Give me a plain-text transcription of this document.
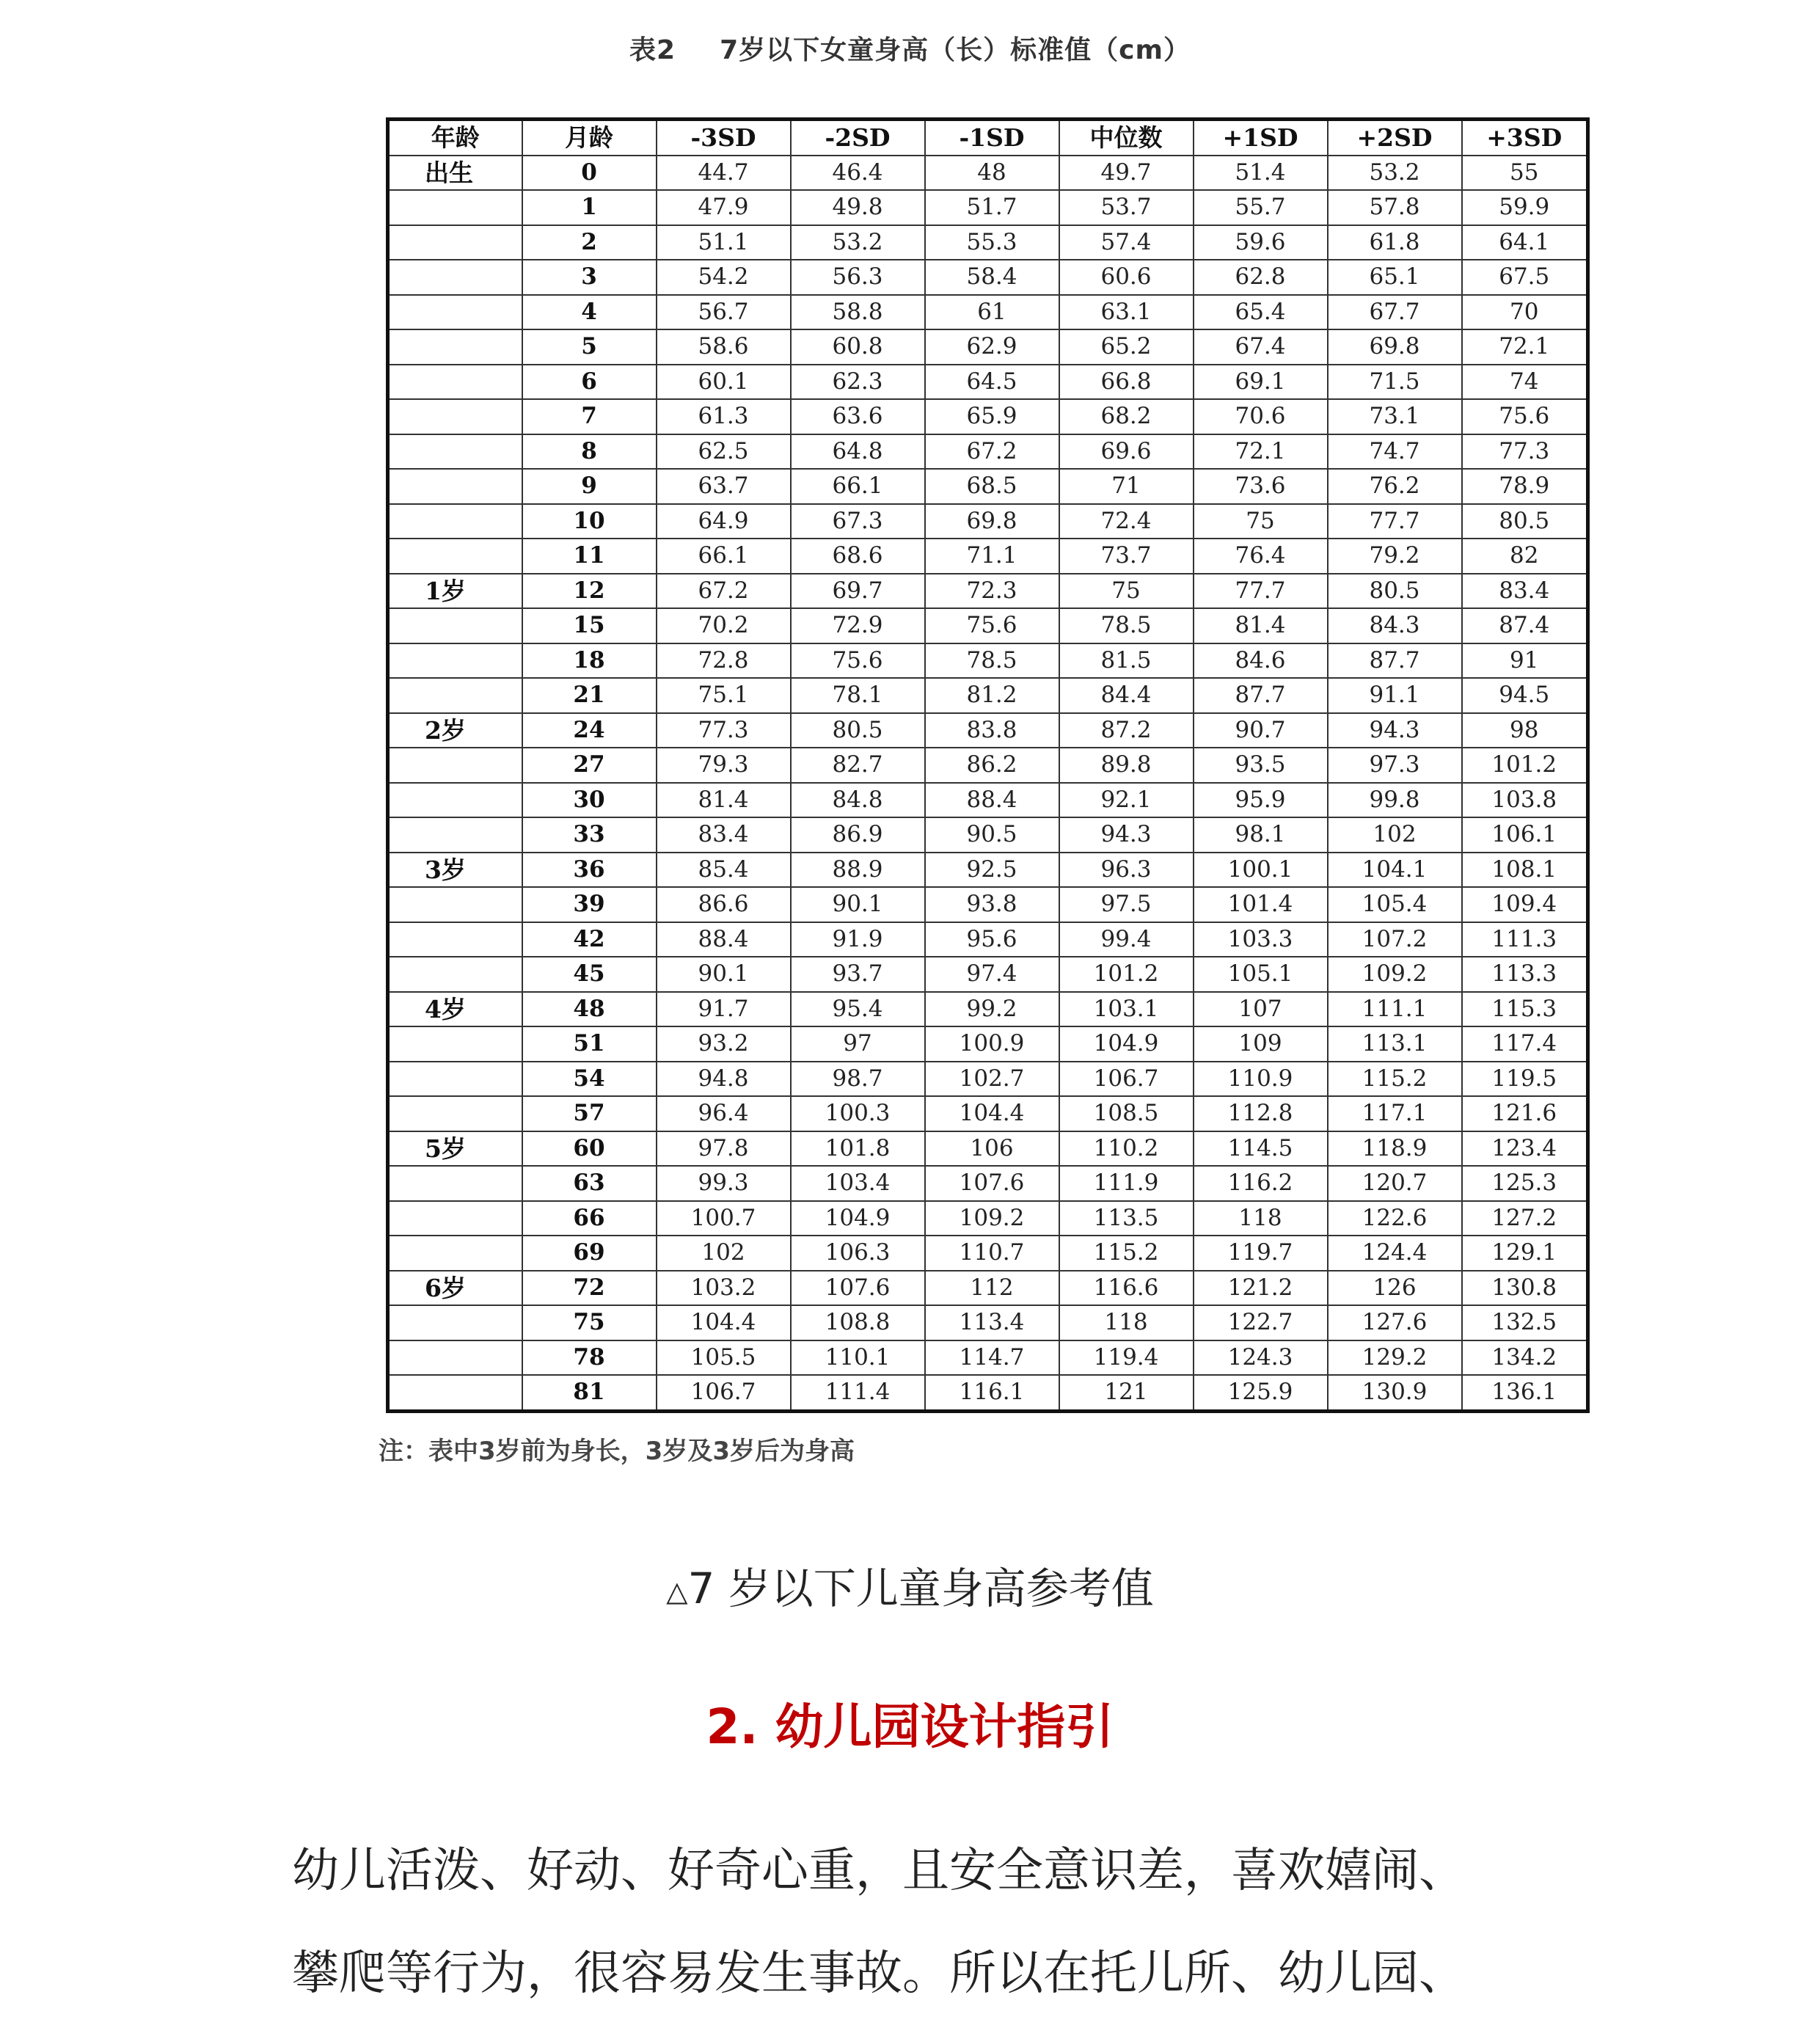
表2 7岁以下女童身高（长）标准值（cm）
年龄	月龄	-3SD	-2SD	-1SD	中位数	+1SD	+2SD	+3SD
出生	0	44.7	46.4	48	49.7	51.4	53.2	55
	1	47.9	49.8	51.7	53.7	55.7	57.8	59.9
	2	51.1	53.2	55.3	57.4	59.6	61.8	64.1
	3	54.2	56.3	58.4	60.6	62.8	65.1	67.5
	4	56.7	58.8	61	63.1	65.4	67.7	70
	5	58.6	60.8	62.9	65.2	67.4	69.8	72.1
	6	60.1	62.3	64.5	66.8	69.1	71.5	74
	7	61.3	63.6	65.9	68.2	70.6	73.1	75.6
	8	62.5	64.8	67.2	69.6	72.1	74.7	77.3
	9	63.7	66.1	68.5	71	73.6	76.2	78.9
	10	64.9	67.3	69.8	72.4	75	77.7	80.5
	11	66.1	68.6	71.1	73.7	76.4	79.2	82
1岁	12	67.2	69.7	72.3	75	77.7	80.5	83.4
	15	70.2	72.9	75.6	78.5	81.4	84.3	87.4
	18	72.8	75.6	78.5	81.5	84.6	87.7	91
	21	75.1	78.1	81.2	84.4	87.7	91.1	94.5
2岁	24	77.3	80.5	83.8	87.2	90.7	94.3	98
	27	79.3	82.7	86.2	89.8	93.5	97.3	101.2
	30	81.4	84.8	88.4	92.1	95.9	99.8	103.8
	33	83.4	86.9	90.5	94.3	98.1	102	106.1
3岁	36	85.4	88.9	92.5	96.3	100.1	104.1	108.1
	39	86.6	90.1	93.8	97.5	101.4	105.4	109.4
	42	88.4	91.9	95.6	99.4	103.3	107.2	111.3
	45	90.1	93.7	97.4	101.2	105.1	109.2	113.3
4岁	48	91.7	95.4	99.2	103.1	107	111.1	115.3
	51	93.2	97	100.9	104.9	109	113.1	117.4
	54	94.8	98.7	102.7	106.7	110.9	115.2	119.5
	57	96.4	100.3	104.4	108.5	112.8	117.1	121.6
5岁	60	97.8	101.8	106	110.2	114.5	118.9	123.4
	63	99.3	103.4	107.6	111.9	116.2	120.7	125.3
	66	100.7	104.9	109.2	113.5	118	122.6	127.2
	69	102	106.3	110.7	115.2	119.7	124.4	129.1
6岁	72	103.2	107.6	112	116.6	121.2	126	130.8
	75	104.4	108.8	113.4	118	122.7	127.6	132.5
	78	105.5	110.1	114.7	119.4	124.3	129.2	134.2
	81	106.7	111.4	116.1	121	125.9	130.9	136.1
注：表中3岁前为身长，3岁及3岁后为身高
△7 岁以下儿童身高参考值
2. 幼儿园设计指引
幼儿活泼、好动、好奇心重，且安全意识差，喜欢嬉闹、
攀爬等行为，很容易发生事故。所以在托儿所、幼儿园、
